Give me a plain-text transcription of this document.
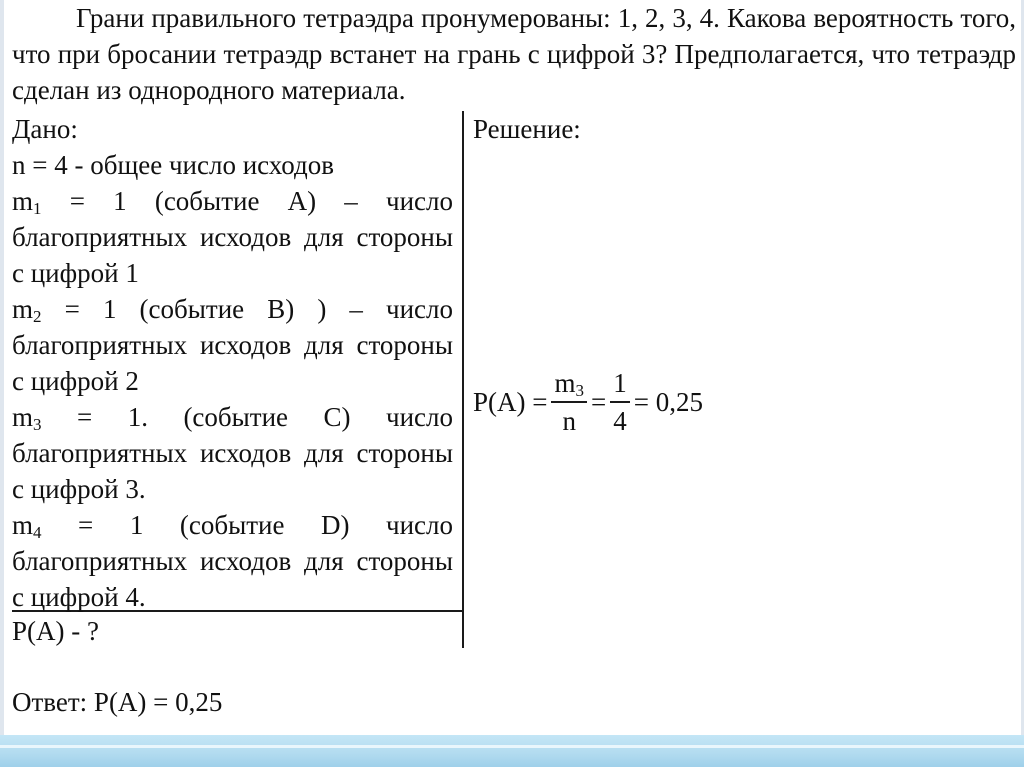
Грани правильного тетраэдра пронумерованы: 1, 2, 3, 4. Какова вероятность того, что при бросании тетраэдр встанет на грань с цифрой 3? Предполагается, что тетраэдр сделан из однородного материала.

Дано:
n = 4 - общее число исходов
$m_1 = 1$ (событие А) – число благоприятных исходов для стороны с цифрой 1
$m_2 = 1$ (событие В) ) – число благоприятных исходов для стороны с цифрой 2
$m_3 = 1$. (событие С) число благоприятных исходов для стороны с цифрой 3.
$m_4 = 1$ (событие D) число благоприятных исходов для стороны с цифрой 4.
Р(А) - ?
Решение:
$Р(А) = \frac{m_3}{n} = \frac{1}{4} = 0,25$
Ответ: Р(А) = 0,25
